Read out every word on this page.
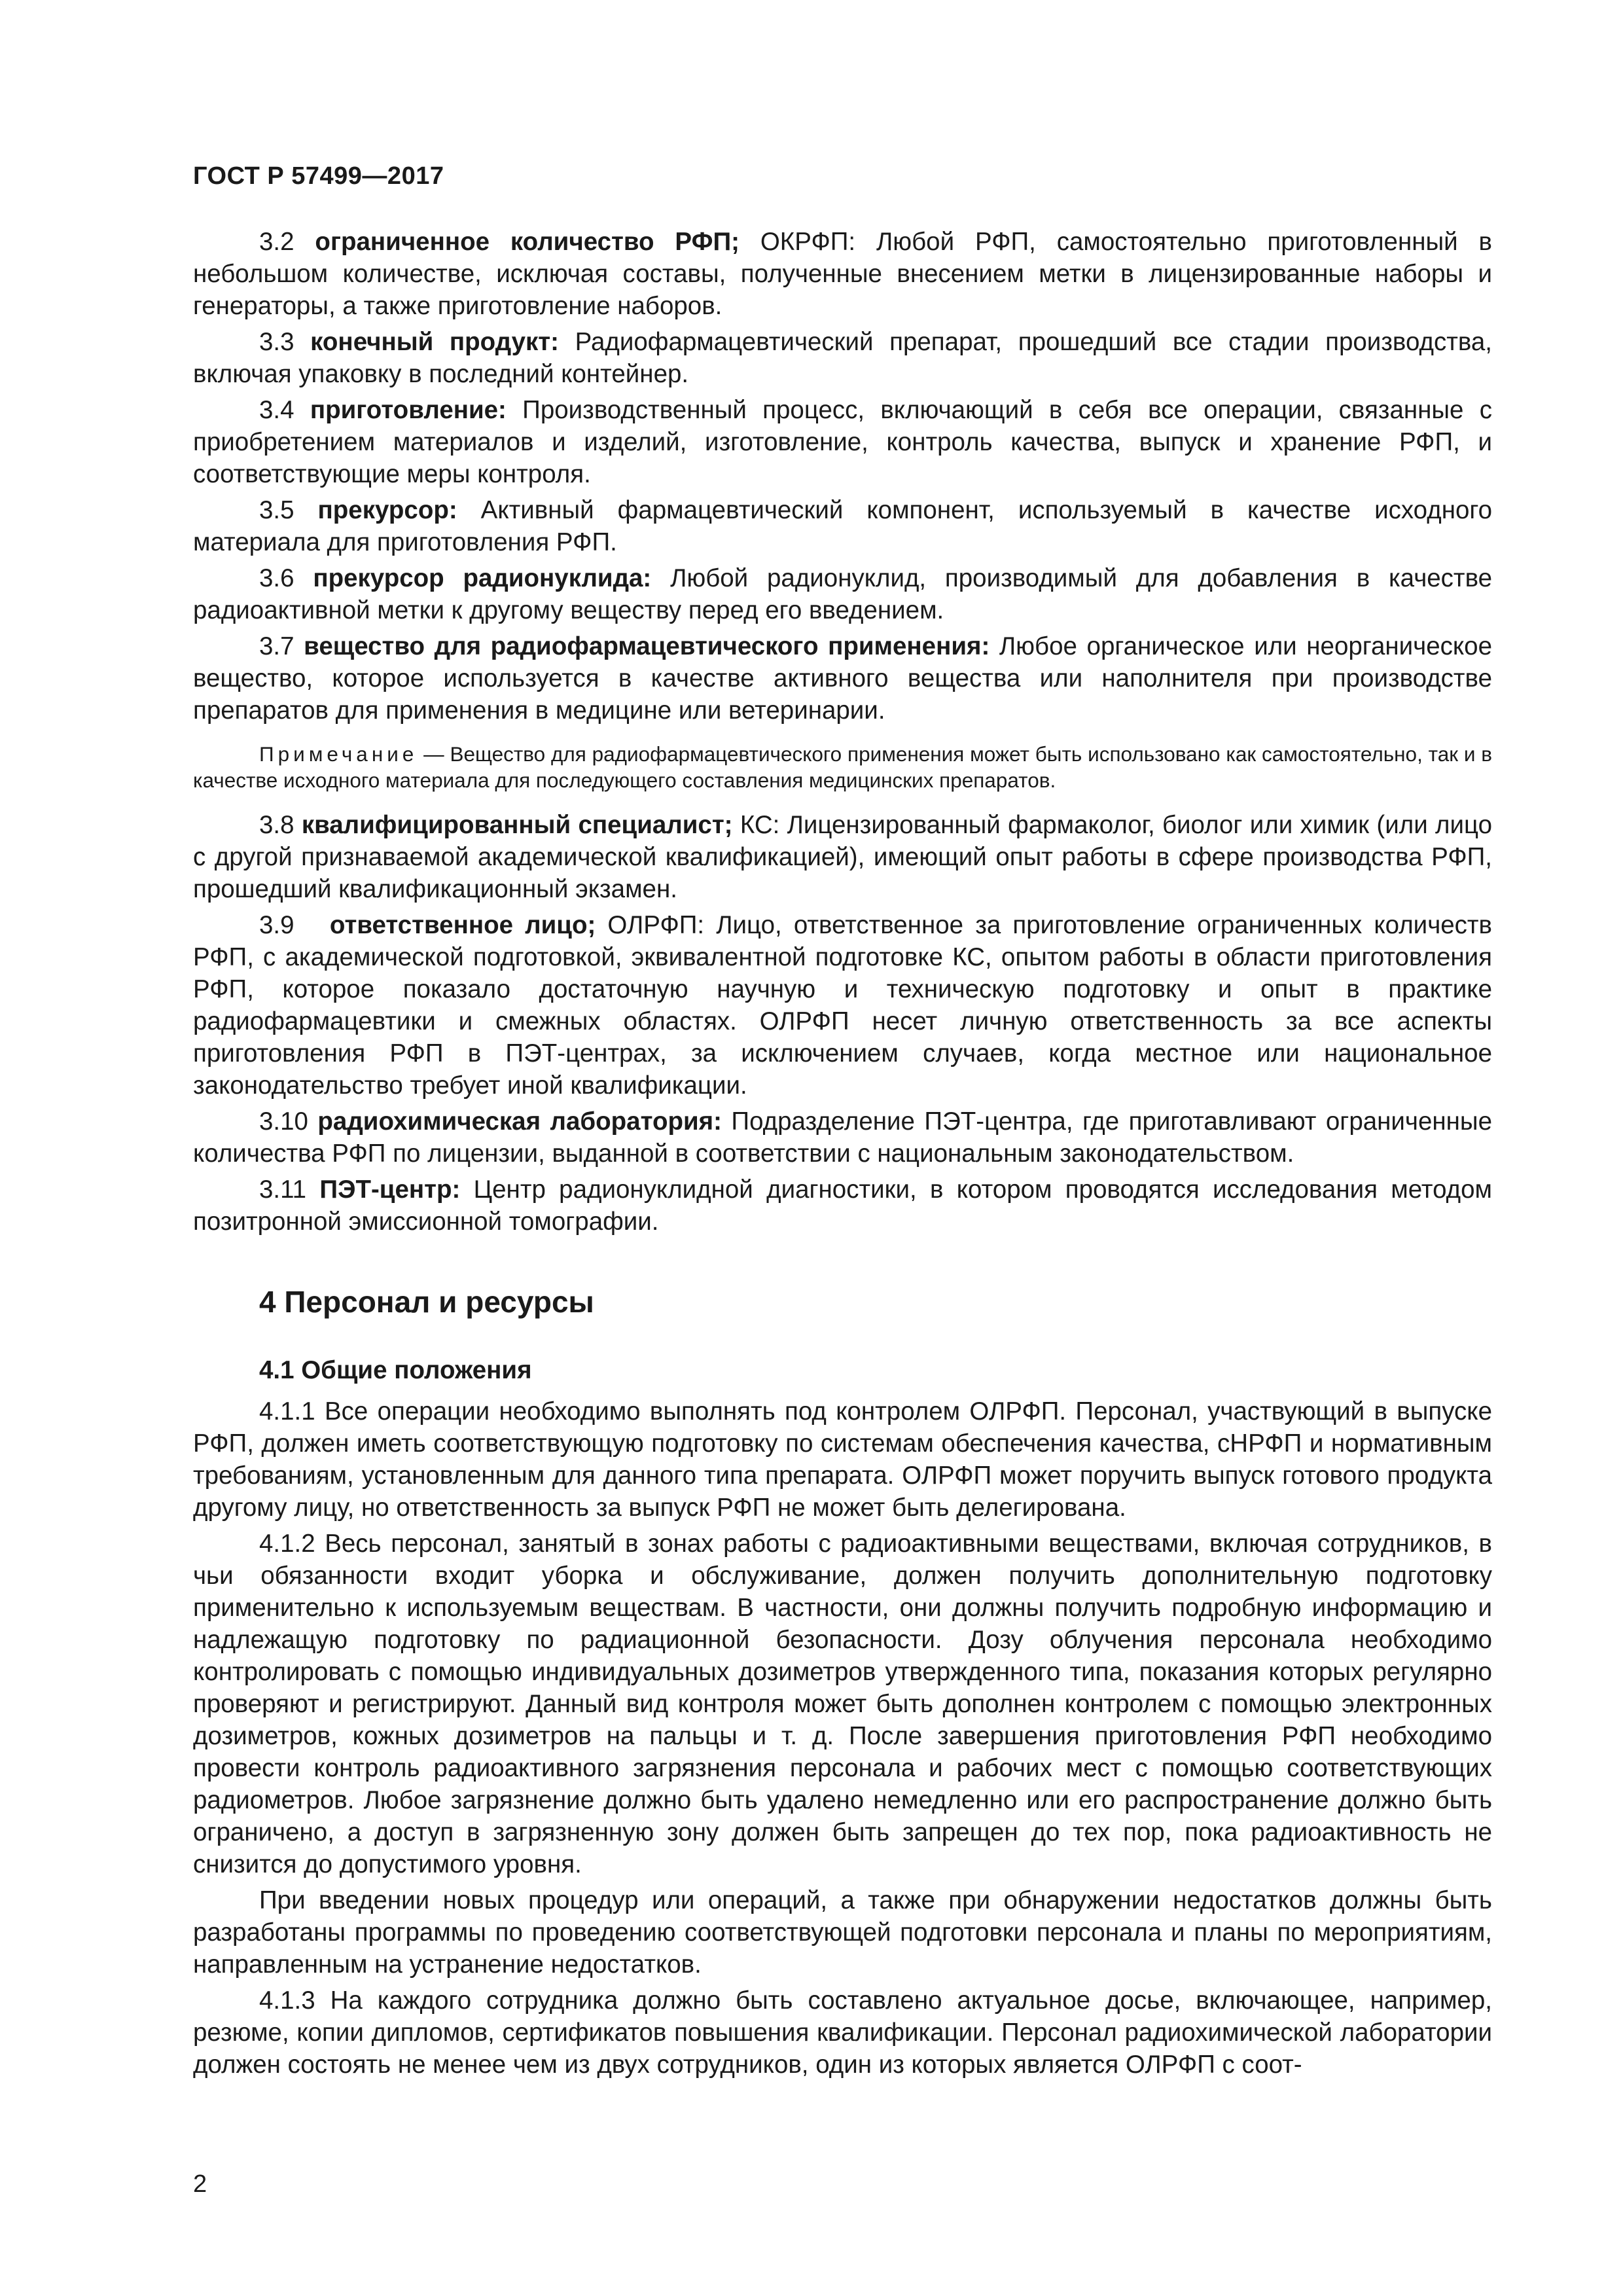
ГОСТ Р 57499—2017

3.2 ограниченное количество РФП; ОКРФП: Любой РФП, самостоятельно приготовленный в небольшом количестве, исключая составы, полученные внесением метки в лицензированные наборы и генераторы, а также приготовление наборов.

3.3 конечный продукт: Радиофармацевтический препарат, прошедший все стадии производства, включая упаковку в последний контейнер.

3.4 приготовление: Производственный процесс, включающий в себя все операции, связанные с приобретением материалов и изделий, изготовление, контроль качества, выпуск и хранение РФП, и соответствующие меры контроля.

3.5 прекурсор: Активный фармацевтический компонент, используемый в качестве исходного материала для приготовления РФП.

3.6 прекурсор радионуклида: Любой радионуклид, производимый для добавления в качестве радиоактивной метки к другому веществу перед его введением.

3.7 вещество для радиофармацевтического применения: Любое органическое или неорганическое вещество, которое используется в качестве активного вещества или наполнителя при производстве препаратов для применения в медицине или ветеринарии.

Примечание — Вещество для радиофармацевтического применения может быть использовано как самостоятельно, так и в качестве исходного материала для последующего составления медицинских препаратов.

3.8 квалифицированный специалист; КС: Лицензированный фармаколог, биолог или химик (или лицо с другой признаваемой академической квалификацией), имеющий опыт работы в сфере производства РФП, прошедший квалификационный экзамен.

3.9 ответственное лицо; ОЛРФП: Лицо, ответственное за приготовление ограниченных количеств РФП, с академической подготовкой, эквивалентной подготовке КС, опытом работы в области приготовления РФП, которое показало достаточную научную и техническую подготовку и опыт в практике радиофармацевтики и смежных областях. ОЛРФП несет личную ответственность за все аспекты приготовления РФП в ПЭТ-центрах, за исключением случаев, когда местное или национальное законодательство требует иной квалификации.

3.10 радиохимическая лаборатория: Подразделение ПЭТ-центра, где приготавливают ограниченные количества РФП по лицензии, выданной в соответствии с национальным законодательством.

3.11 ПЭТ-центр: Центр радионуклидной диагностики, в котором проводятся исследования методом позитронной эмиссионной томографии.

4 Персонал и ресурсы
4.1 Общие положения

4.1.1 Все операции необходимо выполнять под контролем ОЛРФП. Персонал, участвующий в выпуске РФП, должен иметь соответствующую подготовку по системам обеспечения качества, сНРФП и нормативным требованиям, установленным для данного типа препарата. ОЛРФП может поручить выпуск готового продукта другому лицу, но ответственность за выпуск РФП не может быть делегирована.

4.1.2 Весь персонал, занятый в зонах работы с радиоактивными веществами, включая сотрудников, в чьи обязанности входит уборка и обслуживание, должен получить дополнительную подготовку применительно к используемым веществам. В частности, они должны получить подробную информацию и надлежащую подготовку по радиационной безопасности. Дозу облучения персонала необходимо контролировать с помощью индивидуальных дозиметров утвержденного типа, показания которых регулярно проверяют и регистрируют. Данный вид контроля может быть дополнен контролем с помощью электронных дозиметров, кожных дозиметров на пальцы и т. д. После завершения приготовления РФП необходимо провести контроль радиоактивного загрязнения персонала и рабочих мест с помощью соответствующих радиометров. Любое загрязнение должно быть удалено немедленно или его распространение должно быть ограничено, а доступ в загрязненную зону должен быть запрещен до тех пор, пока радиоактивность не снизится до допустимого уровня.

При введении новых процедур или операций, а также при обнаружении недостатков должны быть разработаны программы по проведению соответствующей подготовки персонала и планы по мероприятиям, направленным на устранение недостатков.

4.1.3 На каждого сотрудника должно быть составлено актуальное досье, включающее, например, резюме, копии дипломов, сертификатов повышения квалификации. Персонал радиохимической лаборатории должен состоять не менее чем из двух сотрудников, один из которых является ОЛРФП с соот-

2
